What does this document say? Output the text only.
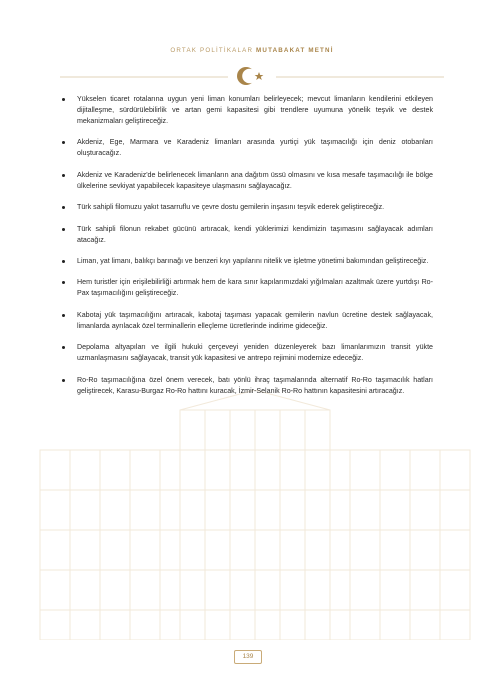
ORTAK POLİTİKALAR MUTABAKAT METNİ
Yükselen ticaret rotalarına uygun yeni liman konumları belirleyecek; mevcut limanların kendilerini etkileyen dijitalleşme, sürdürülebilirlik ve artan gemi kapasitesi gibi trendlere uyumuna yönelik teşvik ve destek mekanizmaları geliştireceğiz.
Akdeniz, Ege, Marmara ve Karadeniz limanları arasında yurtiçi yük taşımacılığı için deniz otobanları oluşturacağız.
Akdeniz ve Karadeniz'de belirlenecek limanların ana dağıtım üssü olmasını ve kısa mesafe taşımacılığı ile bölge ülkelerine sevkiyat yapabilecek kapasiteye ulaşmasını sağlayacağız.
Türk sahipli filomuzu yakıt tasarruflu ve çevre dostu gemilerin inşasını teşvik ederek geliştireceğiz.
Türk sahipli filonun rekabet gücünü artıracak, kendi yüklerimizi kendimizin taşımasını sağlayacak adımları atacağız.
Liman, yat limanı, balıkçı barınağı ve benzeri kıyı yapılarını nitelik ve işletme yönetimi bakımından geliştireceğiz.
Hem turistler için erişilebilirliği artırmak hem de kara sınır kapılarımızdaki yığılmaları azaltmak üzere yurtdışı Ro-Pax taşımacılığını geliştireceğiz.
Kabotaj yük taşımacılığını artıracak, kabotaj taşıması yapacak gemilerin navlun ücretine destek sağlayacak, limanlarda ayrılacak özel terminallerin elleçleme ücretlerinde indirime gideceğiz.
Depolama altyapıları ve ilgili hukuki çerçeveyi yeniden düzenleyerek bazı limanlarımızın transit yükte uzmanlaşmasını sağlayacak, transit yük kapasitesi ve antrepo rejimini modernize edeceğiz.
Ro-Ro taşımacılığına özel önem verecek, batı yönlü ihraç taşımalarında alternatif Ro-Ro taşımacılık hatları geliştirecek, Karasu-Burgaz Ro-Ro hattını kuracak, İzmir-Selanik Ro-Ro hattının kapasitesini artıracağız.
139
